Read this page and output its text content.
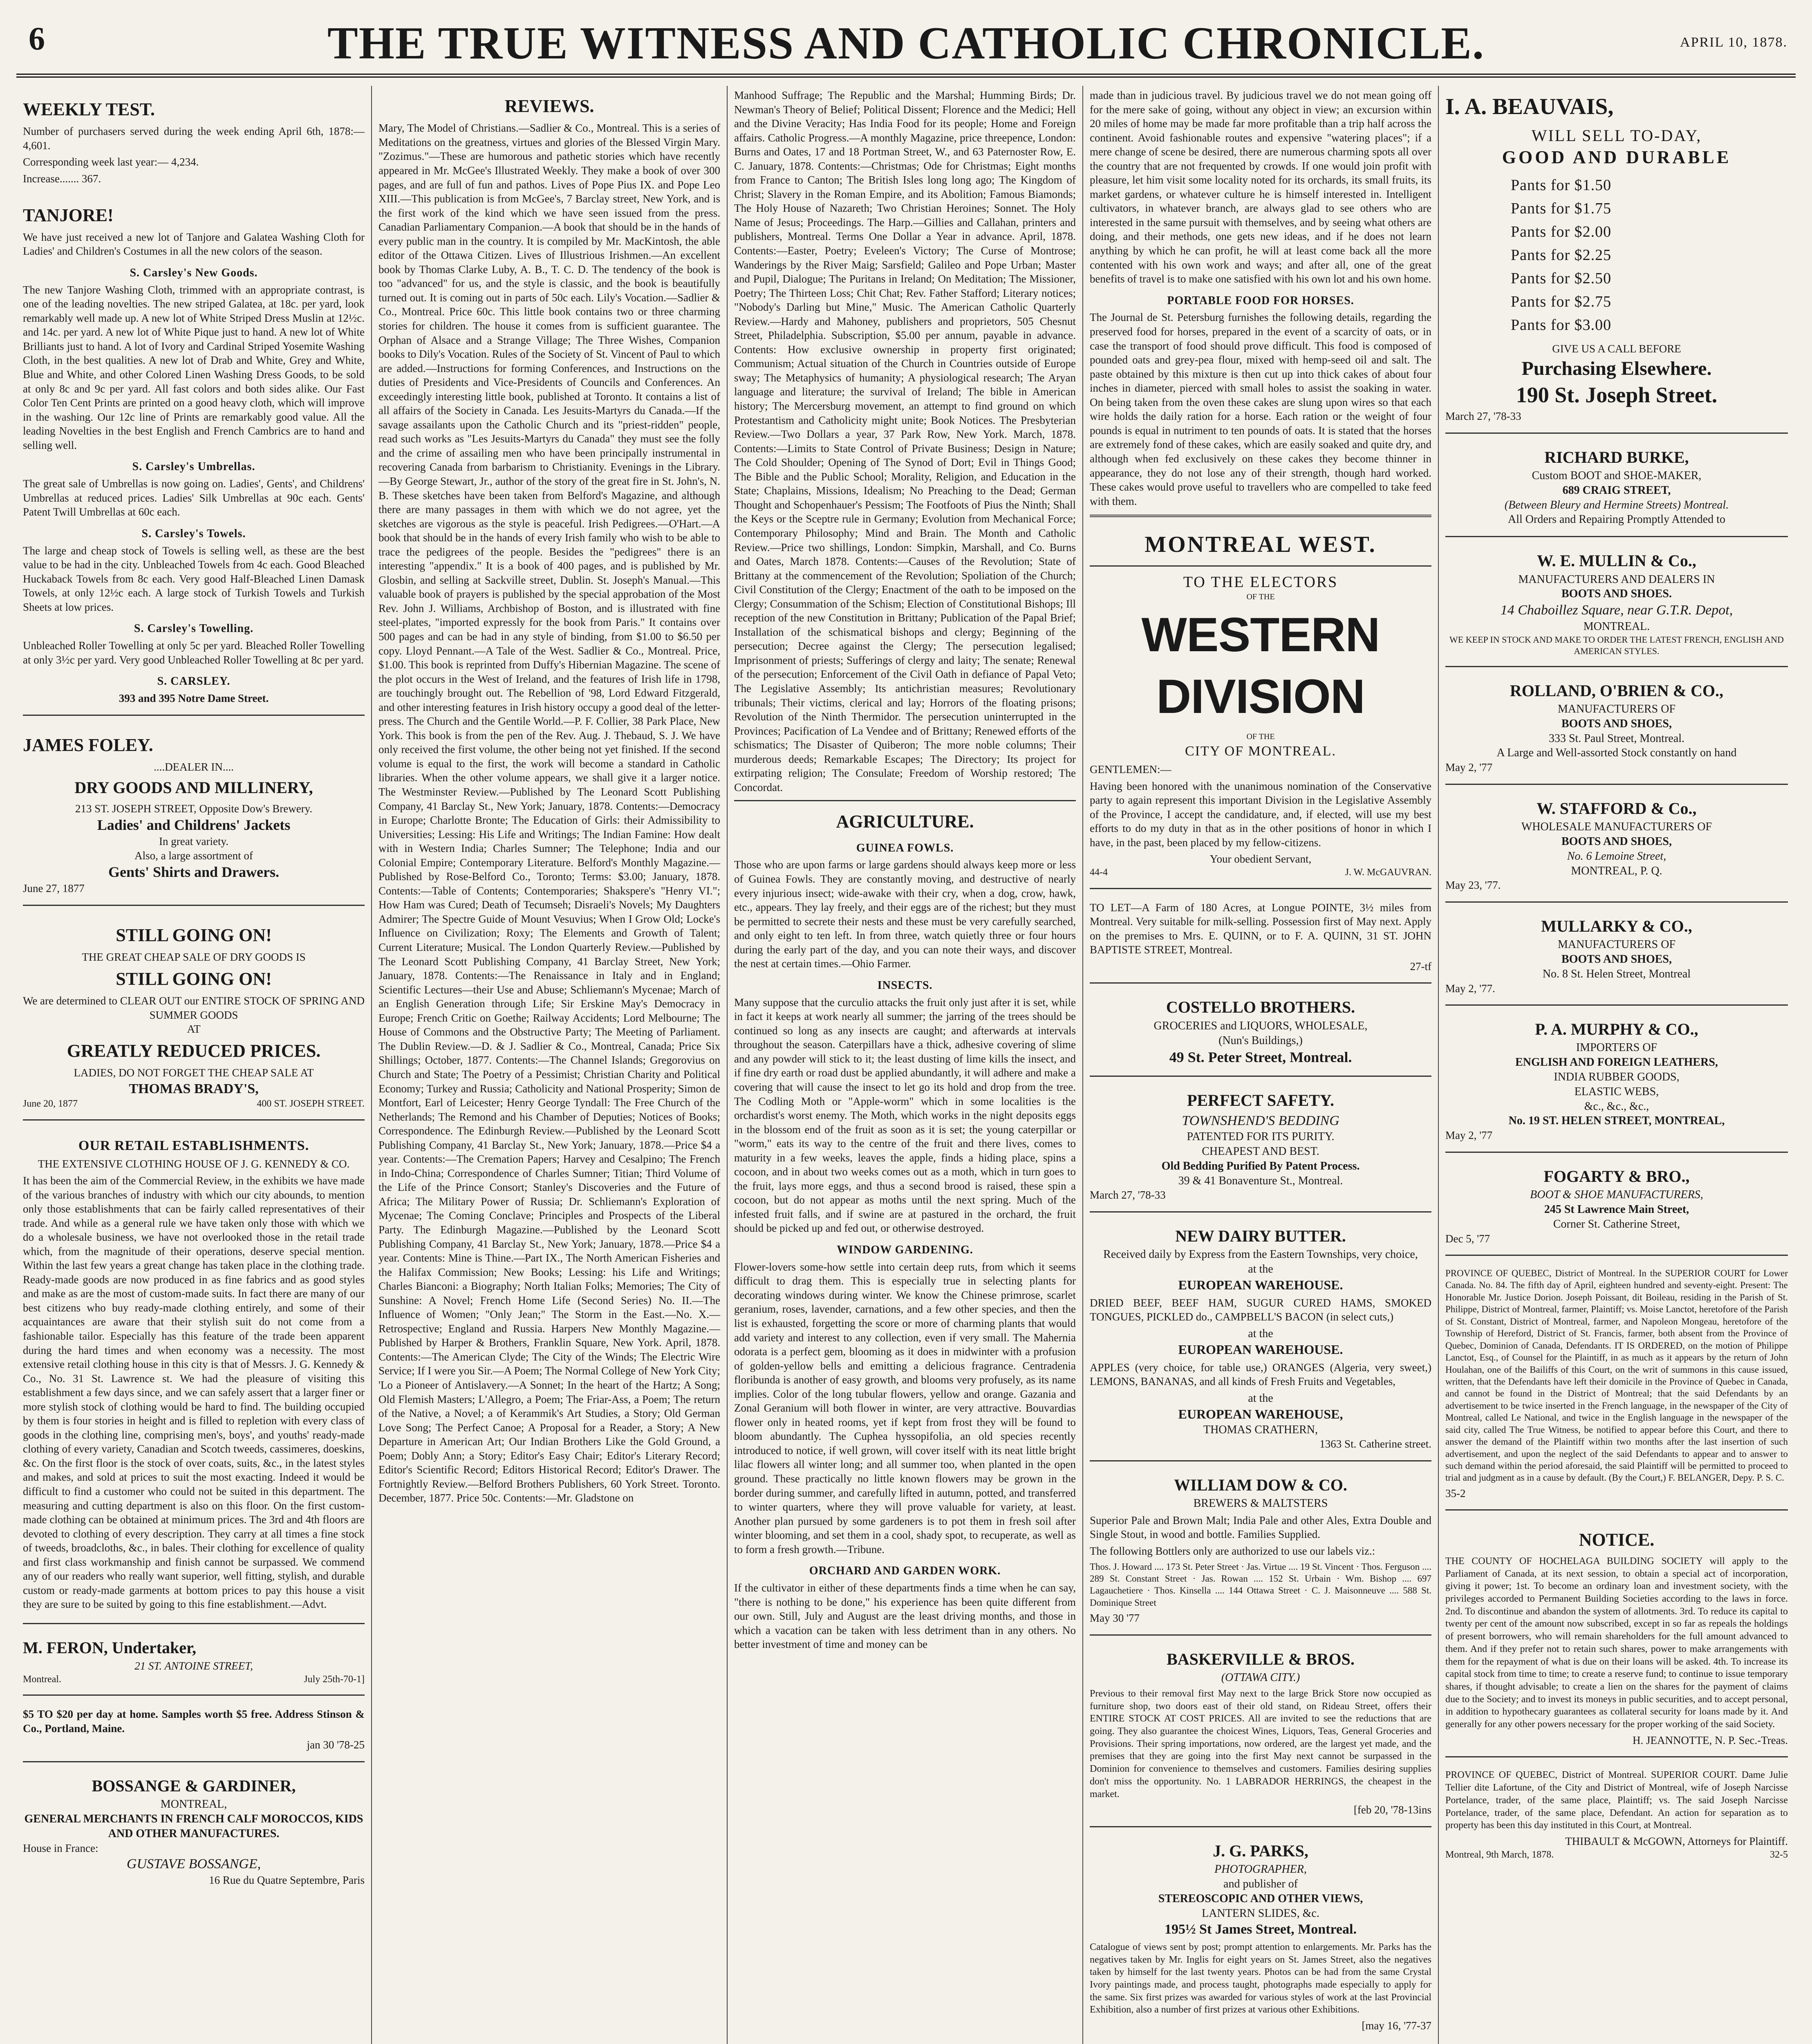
6	THE TRUE WITNESS AND CATHOLIC CHRONICLE.	APRIL 10, 1878.
WEEKLY TEST.

Number of purchasers served during the week ending April 6th, 1878:— 4,601.

Corresponding week last year:— 4,234.

Increase....... 367.

TANJORE!

We have just received a new lot of Tanjore and Galatea Washing Cloth for Ladies' and Children's Costumes in all the new colors of the season.

S. Carsley's New Goods.

The new Tanjore Washing Cloth, trimmed with an appropriate contrast, is one of the leading novelties. The new striped Galatea, at 18c. per yard, look remarkably well made up. A new lot of White Striped Dress Muslin at 12½c. and 14c. per yard. A new lot of White Pique just to hand. A new lot of White Brilliants just to hand. A lot of Ivory and Cardinal Striped Yosemite Washing Cloth, in the best qualities. A new lot of Drab and White, Grey and White, Blue and White, and other Colored Linen Washing Dress Goods, to be sold at only 8c and 9c per yard. All fast colors and both sides alike. Our Fast Color Ten Cent Prints are printed on a good heavy cloth, which will improve in the washing. Our 12c line of Prints are remarkably good value. All the leading Novelties in the best English and French Cambrics are to hand and selling well.

S. Carsley's Umbrellas.

The great sale of Umbrellas is now going on. Ladies', Gents', and Childrens' Umbrellas at reduced prices. Ladies' Silk Umbrellas at 90c each. Gents' Patent Twill Umbrellas at 60c each.

S. Carsley's Towels.

The large and cheap stock of Towels is selling well, as these are the best value to be had in the city. Unbleached Towels from 4c each. Good Bleached Huckaback Towels from 8c each. Very good Half-Bleached Linen Damask Towels, at only 12½c each. A large stock of Turkish Towels and Turkish Sheets at low prices.

S. Carsley's Towelling.

Unbleached Roller Towelling at only 5c per yard. Bleached Roller Towelling at only 3½c per yard. Very good Unbleached Roller Towelling at 8c per yard.

S. CARSLEY.
393 and 395 Notre Dame Street.
JAMES FOLEY.
....DEALER IN....
DRY GOODS AND MILLINERY,
213 ST. JOSEPH STREET, Opposite Dow's Brewery.
Ladies' and Childrens' Jackets
In great variety.
Also, a large assortment of
Gents' Shirts and Drawers.
June 27, 1877
STILL GOING ON!
THE GREAT CHEAP SALE OF DRY GOODS IS
STILL GOING ON!
We are determined to CLEAR OUT our ENTIRE STOCK OF SPRING AND SUMMER GOODS
AT
GREATLY REDUCED PRICES.
LADIES, DO NOT FORGET THE CHEAP SALE AT
THOMAS BRADY'S,
June 20, 1877	400 ST. JOSEPH STREET.
OUR RETAIL ESTABLISHMENTS.
THE EXTENSIVE CLOTHING HOUSE OF J. G. KENNEDY & CO.

It has been the aim of the Commercial Review, in the exhibits we have made of the various branches of industry with which our city abounds, to mention only those establishments that can be fairly called representatives of their trade. And while as a general rule we have taken only those with which we do a wholesale business, we have not overlooked those in the retail trade which, from the magnitude of their operations, deserve special mention. Within the last few years a great change has taken place in the clothing trade. Ready-made goods are now produced in as fine fabrics and as good styles and make as are the most of custom-made suits. In fact there are many of our best citizens who buy ready-made clothing entirely, and some of their acquaintances are aware that their stylish suit do not come from a fashionable tailor. Especially has this feature of the trade been apparent during the hard times and when economy was a necessity. The most extensive retail clothing house in this city is that of Messrs. J. G. Kennedy & Co., No. 31 St. Lawrence st. We had the pleasure of visiting this establishment a few days since, and we can safely assert that a larger finer or more stylish stock of clothing would be hard to find. The building occupied by them is four stories in height and is filled to repletion with every class of goods in the clothing line, comprising men's, boys', and youths' ready-made clothing of every variety, Canadian and Scotch tweeds, cassimeres, doeskins, &c. On the first floor is the stock of over coats, suits, &c., in the latest styles and makes, and sold at prices to suit the most exacting. Indeed it would be difficult to find a customer who could not be suited in this department. The measuring and cutting department is also on this floor. On the first custom-made clothing can be obtained at minimum prices. The 3rd and 4th floors are devoted to clothing of every description. They carry at all times a fine stock of tweeds, broadcloths, &c., in bales. Their clothing for excellence of quality and first class workmanship and finish cannot be surpassed. We commend any of our readers who really want superior, well fitting, stylish, and durable custom or ready-made garments at bottom prices to pay this house a visit they are sure to be suited by going to this fine establishment.—Advt.

M. FERON, Undertaker,
21 ST. ANTOINE STREET,
Montreal.	July 25th-70-1]

$5 TO $20 per day at home. Samples worth $5 free. Address Stinson & Co., Portland, Maine.

jan 30 '78-25
BOSSANGE & GARDINER,
MONTREAL,
GENERAL MERCHANTS IN FRENCH CALF MOROCCOS, KIDS AND OTHER MANUFACTURES.
House in France:
GUSTAVE BOSSANGE,
16 Rue du Quatre Septembre, Paris
REVIEWS.

Mary, The Model of Christians.—Sadlier & Co., Montreal. This is a series of Meditations on the greatness, virtues and glories of the Blessed Virgin Mary. "Zozimus."—These are humorous and pathetic stories which have recently appeared in Mr. McGee's Illustrated Weekly. They make a book of over 300 pages, and are full of fun and pathos. Lives of Pope Pius IX. and Pope Leo XIII.—This publication is from McGee's, 7 Barclay street, New York, and is the first work of the kind which we have seen issued from the press. Canadian Parliamentary Companion.—A book that should be in the hands of every public man in the country. It is compiled by Mr. MacKintosh, the able editor of the Ottawa Citizen. Lives of Illustrious Irishmen.—An excellent book by Thomas Clarke Luby, A. B., T. C. D. The tendency of the book is too "advanced" for us, and the style is classic, and the book is beautifully turned out. It is coming out in parts of 50c each. Lily's Vocation.—Sadlier & Co., Montreal. Price 60c. This little book contains two or three charming stories for children. The house it comes from is sufficient guarantee. The Orphan of Alsace and a Strange Village; The Three Wishes, Companion books to Dily's Vocation. Rules of the Society of St. Vincent of Paul to which are added.—Instructions for forming Conferences, and Instructions on the duties of Presidents and Vice-Presidents of Councils and Conferences. An exceedingly interesting little book, published at Toronto. It contains a list of all affairs of the Society in Canada. Les Jesuits-Martyrs du Canada.—If the savage assailants upon the Catholic Church and its "priest-ridden" people, read such works as "Les Jesuits-Martyrs du Canada" they must see the folly and the crime of assailing men who have been principally instrumental in recovering Canada from barbarism to Christianity. Evenings in the Library.—By George Stewart, Jr., author of the story of the great fire in St. John's, N. B. These sketches have been taken from Belford's Magazine, and although there are many passages in them with which we do not agree, yet the sketches are vigorous as the style is peaceful. Irish Pedigrees.—O'Hart.—A book that should be in the hands of every Irish family who wish to be able to trace the pedigrees of the people. Besides the "pedigrees" there is an interesting "appendix." It is a book of 400 pages, and is published by Mr. Glosbin, and selling at Sackville street, Dublin. St. Joseph's Manual.—This valuable book of prayers is published by the special approbation of the Most Rev. John J. Williams, Archbishop of Boston, and is illustrated with fine steel-plates, "imported expressly for the book from Paris." It contains over 500 pages and can be had in any style of binding, from $1.00 to $6.50 per copy. Lloyd Pennant.—A Tale of the West. Sadlier & Co., Montreal. Price, $1.00. This book is reprinted from Duffy's Hibernian Magazine. The scene of the plot occurs in the West of Ireland, and the features of Irish life in 1798, are touchingly brought out. The Rebellion of '98, Lord Edward Fitzgerald, and other interesting features in Irish history occupy a good deal of the letter-press. The Church and the Gentile World.—P. F. Collier, 38 Park Place, New York. This book is from the pen of the Rev. Aug. J. Thebaud, S. J. We have only received the first volume, the other being not yet finished. If the second volume is equal to the first, the work will become a standard in Catholic libraries. When the other volume appears, we shall give it a larger notice. The Westminster Review.—Published by The Leonard Scott Publishing Company, 41 Barclay St., New York; January, 1878. Contents:—Democracy in Europe; Charlotte Bronte; The Education of Girls: their Admissibility to Universities; Lessing: His Life and Writings; The Indian Famine: How dealt with in Western India; Charles Sumner; The Telephone; India and our Colonial Empire; Contemporary Literature. Belford's Monthly Magazine.—Published by Rose-Belford Co., Toronto; Terms: $3.00; January, 1878. Contents:—Table of Contents; Contemporaries; Shakspere's "Henry VI."; How Ham was Cured; Death of Tecumseh; Disraeli's Novels; My Daughters Admirer; The Spectre Guide of Mount Vesuvius; When I Grow Old; Locke's Influence on Civilization; Roxy; The Elements and Growth of Talent; Current Literature; Musical. The London Quarterly Review.—Published by The Leonard Scott Publishing Company, 41 Barclay Street, New York; January, 1878. Contents:—The Renaissance in Italy and in England; Scientific Lectures—their Use and Abuse; Schliemann's Mycenae; March of an English Generation through Life; Sir Erskine May's Democracy in Europe; French Critic on Goethe; Railway Accidents; Lord Melbourne; The House of Commons and the Obstructive Party; The Meeting of Parliament. The Dublin Review.—D. & J. Sadlier & Co., Montreal, Canada; Price Six Shillings; October, 1877. Contents:—The Channel Islands; Gregorovius on Church and State; The Poetry of a Pessimist; Christian Charity and Political Economy; Turkey and Russia; Catholicity and National Prosperity; Simon de Montfort, Earl of Leicester; Henry George Tyndall: The Free Church of the Netherlands; The Remond and his Chamber of Deputies; Notices of Books; Correspondence. The Edinburgh Review.—Published by the Leonard Scott Publishing Company, 41 Barclay St., New York; January, 1878.—Price $4 a year. Contents:—The Cremation Papers; Harvey and Cesalpino; The French in Indo-China; Correspondence of Charles Sumner; Titian; Third Volume of the Life of the Prince Consort; Stanley's Discoveries and the Future of Africa; The Military Power of Russia; Dr. Schliemann's Exploration of Mycenae; The Coming Conclave; Principles and Prospects of the Liberal Party. The Edinburgh Magazine.—Published by the Leonard Scott Publishing Company, 41 Barclay St., New York; January, 1878.—Price $4 a year. Contents: Mine is Thine.—Part IX., The North American Fisheries and the Halifax Commission; New Books; Lessing: his Life and Writings; Charles Bianconi: a Biography; North Italian Folks; Memories; The City of Sunshine: A Novel; French Home Life (Second Series) No. II.—The Influence of Women; "Only Jean;" The Storm in the East.—No. X.—Retrospective; England and Russia. Harpers New Monthly Magazine.—Published by Harper & Brothers, Franklin Square, New York. April, 1878. Contents:—The American Clyde; The City of the Winds; The Electric Wire Service; If I were you Sir.—A Poem; The Normal College of New York City; 'Lo a Pioneer of Antislavery.—A Sonnet; In the heart of the Hartz; A Song; Old Flemish Masters; L'Allegro, a Poem; The Friar-Ass, a Poem; The return of the Native, a Novel; a of Kerammik's Art Studies, a Story; Old German Love Song; The Perfect Canoe; A Proposal for a Reader, a Story; A New Departure in American Art; Our Indian Brothers Like the Gold Ground, a Poem; Dobly Ann; a Story; Editor's Easy Chair; Editor's Literary Record; Editor's Scientific Record; Editors Historical Record; Editor's Drawer. The Fortnightly Review.—Belford Brothers Publishers, 60 York Street. Toronto. December, 1877. Price 50c. Contents:—Mr. Gladstone on

Manhood Suffrage; The Republic and the Marshal; Humming Birds; Dr. Newman's Theory of Belief; Political Dissent; Florence and the Medici; Hell and the Divine Veracity; Has India Food for its people; Home and Foreign affairs. Catholic Progress.—A monthly Magazine, price threepence, London: Burns and Oates, 17 and 18 Portman Street, W., and 63 Paternoster Row, E. C. January, 1878. Contents:—Christmas; Ode for Christmas; Eight months from France to Canton; The British Isles long long ago; The Kingdom of Christ; Slavery in the Roman Empire, and its Abolition; Famous Biamonds; The Holy House of Nazareth; Two Christian Heroines; Sonnet. The Holy Name of Jesus; Proceedings. The Harp.—Gillies and Callahan, printers and publishers, Montreal. Terms One Dollar a Year in advance. April, 1878. Contents:—Easter, Poetry; Eveleen's Victory; The Curse of Montrose; Wanderings by the River Maig; Sarsfield; Galileo and Pope Urban; Master and Pupil, Dialogue; The Puritans in Ireland; On Meditation; The Missioner, Poetry; The Thirteen Loss; Chit Chat; Rev. Father Stafford; Literary notices; "Nobody's Darling but Mine," Music. The American Catholic Quarterly Review.—Hardy and Mahoney, publishers and proprietors, 505 Chesnut Street, Philadelphia. Subscription, $5.00 per annum, payable in advance. Contents: How exclusive ownership in property first originated; Communism; Actual situation of the Church in Countries outside of Europe sway; The Metaphysics of humanity; A physiological research; The Aryan language and literature; the survival of Ireland; The bible in American history; The Mercersburg movement, an attempt to find ground on which Protestantism and Catholicity might unite; Book Notices. The Presbyterian Review.—Two Dollars a year, 37 Park Row, New York. March, 1878. Contents:—Limits to State Control of Private Business; Design in Nature; The Cold Shoulder; Opening of The Synod of Dort; Evil in Things Good; The Bible and the Public School; Morality, Religion, and Education in the State; Chaplains, Missions, Idealism; No Preaching to the Dead; German Thought and Schopenhauer's Pessism; The Footfoots of Pius the Ninth; Shall the Keys or the Sceptre rule in Germany; Evolution from Mechanical Force; Contemporary Philosophy; Mind and Brain. The Month and Catholic Review.—Price two shillings, London: Simpkin, Marshall, and Co. Burns and Oates, March 1878. Contents:—Causes of the Revolution; State of Brittany at the commencement of the Revolution; Spoliation of the Church; Civil Constitution of the Clergy; Enactment of the oath to be imposed on the Clergy; Consummation of the Schism; Election of Constitutional Bishops; Ill reception of the new Constitution in Brittany; Publication of the Papal Brief; Installation of the schismatical bishops and clergy; Beginning of the persecution; Decree against the Clergy; The persecution legalised; Imprisonment of priests; Sufferings of clergy and laity; The senate; Renewal of the persecution; Enforcement of the Civil Oath in defiance of Papal Veto; The Legislative Assembly; Its antichristian measures; Revolutionary tribunals; Their victims, clerical and lay; Horrors of the floating prisons; Revolution of the Ninth Thermidor. The persecution uninterrupted in the Provinces; Pacification of La Vendee and of Brittany; Renewed efforts of the schismatics; The Disaster of Quiberon; The more noble columns; Their murderous deeds; Remarkable Escapes; The Directory; Its project for extirpating religion; The Consulate; Freedom of Worship restored; The Concordat.

AGRICULTURE.
GUINEA FOWLS.

Those who are upon farms or large gardens should always keep more or less of Guinea Fowls. They are constantly moving, and destructive of nearly every injurious insect; wide-awake with their cry, when a dog, crow, hawk, etc., appears. They lay freely, and their eggs are of the richest; but they must be permitted to secrete their nests and these must be very carefully searched, and only eight to ten left. In from three, watch quietly three or four hours during the early part of the day, and you can note their ways, and discover the nest at certain times.—Ohio Farmer.

INSECTS.

Many suppose that the curculio attacks the fruit only just after it is set, while in fact it keeps at work nearly all summer; the jarring of the trees should be continued so long as any insects are caught; and afterwards at intervals throughout the season. Caterpillars have a thick, adhesive covering of slime and any powder will stick to it; the least dusting of lime kills the insect, and if fine dry earth or road dust be applied abundantly, it will adhere and make a covering that will cause the insect to let go its hold and drop from the tree. The Codling Moth or "Apple-worm" which in some localities is the orchardist's worst enemy. The Moth, which works in the night deposits eggs in the blossom end of the fruit as soon as it is set; the young caterpillar or "worm," eats its way to the centre of the fruit and there lives, comes to maturity in a few weeks, leaves the apple, finds a hiding place, spins a cocoon, and in about two weeks comes out as a moth, which in turn goes to the fruit, lays more eggs, and thus a second brood is raised, these spin a cocoon, but do not appear as moths until the next spring. Much of the infested fruit falls, and if swine are at pastured in the orchard, the fruit should be picked up and fed out, or otherwise destroyed.

WINDOW GARDENING.

Flower-lovers some-how settle into certain deep ruts, from which it seems difficult to drag them. This is especially true in selecting plants for decorating windows during winter. We know the Chinese primrose, scarlet geranium, roses, lavender, carnations, and a few other species, and then the list is exhausted, forgetting the score or more of charming plants that would add variety and interest to any collection, even if very small. The Mahernia odorata is a perfect gem, blooming as it does in midwinter with a profusion of golden-yellow bells and emitting a delicious fragrance. Centradenia floribunda is another of easy growth, and blooms very profusely, as its name implies. Color of the long tubular flowers, yellow and orange. Gazania and Zonal Geranium will both flower in winter, are very attractive. Bouvardias flower only in heated rooms, yet if kept from frost they will be found to bloom abundantly. The Cuphea hyssopifolia, an old species recently introduced to notice, if well grown, will cover itself with its neat little bright lilac flowers all winter long; and all summer too, when planted in the open ground. These practically no little known flowers may be grown in the border during summer, and carefully lifted in autumn, potted, and transferred to winter quarters, where they will prove valuable for variety, at least. Another plan pursued by some gardeners is to pot them in fresh soil after winter blooming, and set them in a cool, shady spot, to recuperate, as well as to form a fresh growth.—Tribune.

ORCHARD AND GARDEN WORK.

If the cultivator in either of these departments finds a time when he can say, "there is nothing to be done," his experience has been quite different from our own. Still, July and August are the least driving months, and those in which a vacation can be taken with less detriment than in any others. No better investment of time and money can be

made than in judicious travel. By judicious travel we do not mean going off for the mere sake of going, without any object in view; an excursion within 20 miles of home may be made far more profitable than a trip half across the continent. Avoid fashionable routes and expensive "watering places"; if a mere change of scene be desired, there are numerous charming spots all over the country that are not frequented by crowds. If one would join profit with pleasure, let him visit some locality noted for its orchards, its small fruits, its market gardens, or whatever culture he is himself interested in. Intelligent cultivators, in whatever branch, are always glad to see others who are interested in the same pursuit with themselves, and by seeing what others are doing, and their methods, one gets new ideas, and if he does not learn anything by which he can profit, he will at least come back all the more contented with his own work and ways; and after all, one of the great benefits of travel is to make one satisfied with his own lot and his own home.

PORTABLE FOOD FOR HORSES.

The Journal de St. Petersburg furnishes the following details, regarding the preserved food for horses, prepared in the event of a scarcity of oats, or in case the transport of food should prove difficult. This food is composed of pounded oats and grey-pea flour, mixed with hemp-seed oil and salt. The paste obtained by this mixture is then cut up into thick cakes of about four inches in diameter, pierced with small holes to assist the soaking in water. On being taken from the oven these cakes are slung upon wires so that each wire holds the daily ration for a horse. Each ration or the weight of four pounds is equal in nutriment to ten pounds of oats. It is stated that the horses are extremely fond of these cakes, which are easily soaked and quite dry, and although when fed exclusively on these cakes they become thinner in appearance, they do not lose any of their strength, though hard worked. These cakes would prove useful to travellers who are compelled to take feed with them.

MONTREAL WEST.
TO THE ELECTORS
OF THE
WESTERN DIVISION
OF THE
CITY OF MONTREAL.

GENTLEMEN:—

Having been honored with the unanimous nomination of the Conservative party to again represent this important Division in the Legislative Assembly of the Province, I accept the candidature, and, if elected, will use my best efforts to do my duty in that as in the other positions of honor in which I have, in the past, been placed by my fellow-citizens.

Your obedient Servant,
44-4	J. W. McGAUVRAN.

TO LET—A Farm of 180 Acres, at Longue POINTE, 3½ miles from Montreal. Very suitable for milk-selling. Possession first of May next. Apply on the premises to Mrs. E. QUINN, or to F. A. QUINN, 31 ST. JOHN BAPTISTE STREET, Montreal.

27-tf
COSTELLO BROTHERS.
GROCERIES and LIQUORS, WHOLESALE,
(Nun's Buildings,)
49 St. Peter Street, Montreal.
PERFECT SAFETY.
TOWNSHEND'S BEDDING
PATENTED FOR ITS PURITY.
CHEAPEST AND BEST.
Old Bedding Purified By Patent Process.
39 & 41 Bonaventure St., Montreal.
March 27, '78-33
NEW DAIRY BUTTER.
Received daily by Express from the Eastern Townships, very choice,
at the
EUROPEAN WAREHOUSE.

DRIED BEEF, BEEF HAM, SUGUR CURED HAMS, SMOKED TONGUES, PICKLED do., CAMPBELL'S BACON (in select cuts,)

at the
EUROPEAN WAREHOUSE.

APPLES (very choice, for table use,) ORANGES (Algeria, very sweet,) LEMONS, BANANAS, and all kinds of Fresh Fruits and Vegetables,

at the
EUROPEAN WAREHOUSE,
THOMAS CRATHERN,
1363 St. Catherine street.
WILLIAM DOW & CO.
BREWERS & MALTSTERS

Superior Pale and Brown Malt; India Pale and other Ales, Extra Double and Single Stout, in wood and bottle. Families Supplied.

The following Bottlers only are authorized to use our labels viz.:

Thos. J. Howard .... 173 St. Peter Street · Jas. Virtue .... 19 St. Vincent · Thos. Ferguson .... 289 St. Constant Street · Jas. Rowan .... 152 St. Urbain · Wm. Bishop .... 697 Lagauchetiere · Thos. Kinsella .... 144 Ottawa Street · C. J. Maisonneuve .... 588 St. Dominique Street

May 30 '77
BASKERVILLE & BROS.
(OTTAWA CITY.)

Previous to their removal first May next to the large Brick Store now occupied as furniture shop, two doors east of their old stand, on Rideau Street, offers their ENTIRE STOCK AT COST PRICES. All are invited to see the reductions that are going. They also guarantee the choicest Wines, Liquors, Teas, General Groceries and Provisions. Their spring importations, now ordered, are the largest yet made, and the premises that they are going into the first May next cannot be surpassed in the Dominion for convenience to themselves and customers. Families desiring supplies don't miss the opportunity. No. 1 LABRADOR HERRINGS, the cheapest in the market.

[feb 20, '78-13ins
J. G. PARKS,
PHOTOGRAPHER,
and publisher of
STEREOSCOPIC AND OTHER VIEWS,
LANTERN SLIDES, &c.
195½ St James Street, Montreal.

Catalogue of views sent by post; prompt attention to enlargements. Mr. Parks has the negatives taken by Mr. Inglis for eight years on St. James Street, also the negatives taken by himself for the last twenty years. Photos can be had from the same Crystal Ivory paintings made, and process taught, photographs made especially to apply for the same. Six first prizes was awarded for various styles of work at the last Provincial Exhibition, also a number of first prizes at various other Exhibitions.

[may 16, '77-37
I. A. BEAUVAIS,
WILL SELL TO-DAY,
GOOD AND DURABLE
Pants for $1.50
Pants for $1.75
Pants for $2.00
Pants for $2.25
Pants for $2.50
Pants for $2.75
Pants for $3.00
GIVE US A CALL BEFORE
Purchasing Elsewhere.
190 St. Joseph Street.
March 27, '78-33
RICHARD BURKE,
Custom BOOT and SHOE-MAKER,
689 CRAIG STREET,
(Between Bleury and Hermine Streets) Montreal.
All Orders and Repairing Promptly Attended to
W. E. MULLIN & Co.,
MANUFACTURERS AND DEALERS IN
BOOTS AND SHOES.
14 Chaboillez Square, near G.T.R. Depot,
MONTREAL.
WE KEEP IN STOCK AND MAKE TO ORDER THE LATEST FRENCH, ENGLISH AND AMERICAN STYLES.
ROLLAND, O'BRIEN & CO.,
MANUFACTURERS OF
BOOTS AND SHOES,
333 St. Paul Street, Montreal.
A Large and Well-assorted Stock constantly on hand
May 2, '77
W. STAFFORD & Co.,
WHOLESALE MANUFACTURERS OF
BOOTS AND SHOES,
No. 6 Lemoine Street,
MONTREAL, P. Q.
May 23, '77.
MULLARKY & CO.,
MANUFACTURERS OF
BOOTS AND SHOES,
No. 8 St. Helen Street, Montreal
May 2, '77.
P. A. MURPHY & CO.,
IMPORTERS OF
ENGLISH AND FOREIGN LEATHERS,
INDIA RUBBER GOODS,
ELASTIC WEBS,
&c., &c., &c.,
No. 19 ST. HELEN STREET, MONTREAL,
May 2, '77
FOGARTY & BRO.,
BOOT & SHOE MANUFACTURERS,
245 St Lawrence Main Street,
Corner St. Catherine Street,
Dec 5, '77

PROVINCE OF QUEBEC, District of Montreal. In the SUPERIOR COURT for Lower Canada. No. 84. The fifth day of April, eighteen hundred and seventy-eight. Present: The Honorable Mr. Justice Dorion. Joseph Poissant, dit Boileau, residing in the Parish of St. Philippe, District of Montreal, farmer, Plaintiff; vs. Moise Lanctot, heretofore of the Parish of St. Constant, District of Montreal, farmer, and Napoleon Mongeau, heretofore of the Township of Hereford, District of St. Francis, farmer, both absent from the Province of Quebec, Dominion of Canada, Defendants. IT IS ORDERED, on the motion of Philippe Lanctot, Esq., of Counsel for the Plaintiff, in as much as it appears by the return of John Houlahan, one of the Bailiffs of this Court, on the writ of summons in this cause issued, written, that the Defendants have left their domicile in the Province of Quebec in Canada, and cannot be found in the District of Montreal; that the said Defendants by an advertisement to be twice inserted in the French language, in the newspaper of the City of Montreal, called Le National, and twice in the English language in the newspaper of the said city, called The True Witness, be notified to appear before this Court, and there to answer the demand of the Plaintiff within two months after the last insertion of such advertisement, and upon the neglect of the said Defendants to appear and to answer to such demand within the period aforesaid, the said Plaintiff will be permitted to proceed to trial and judgment as in a cause by default. (By the Court,) F. BELANGER, Depy. P. S. C.

35-2
NOTICE.

THE COUNTY OF HOCHELAGA BUILDING SOCIETY will apply to the Parliament of Canada, at its next session, to obtain a special act of incorporation, giving it power; 1st. To become an ordinary loan and investment society, with the privileges accorded to Permanent Building Societies according to the laws in force. 2nd. To discontinue and abandon the system of allotments. 3rd. To reduce its capital to twenty per cent of the amount now subscribed, except in so far as repeals the holdings of present borrowers, who will remain shareholders for the full amount advanced to them. And if they prefer not to retain such shares, power to make arrangements with them for the repayment of what is due on their loans will be asked. 4th. To increase its capital stock from time to time; to create a reserve fund; to continue to issue temporary shares, if thought advisable; to create a lien on the shares for the payment of claims due to the Society; and to invest its moneys in public securities, and to accept personal, in addition to hypothecary guarantees as collateral security for loans made by it. And generally for any other powers necessary for the proper working of the said Society.

H. JEANNOTTE, N. P. Sec.-Treas.

PROVINCE OF QUEBEC, District of Montreal. SUPERIOR COURT. Dame Julie Tellier dite Lafortune, of the City and District of Montreal, wife of Joseph Narcisse Portelance, trader, of the same place, Plaintiff; vs. The said Joseph Narcisse Portelance, trader, of the same place, Defendant. An action for separation as to property has been this day instituted in this Court, at Montreal.

THIBAULT & McGOWN, Attorneys for Plaintiff.
Montreal, 9th March, 1878.	32-5
